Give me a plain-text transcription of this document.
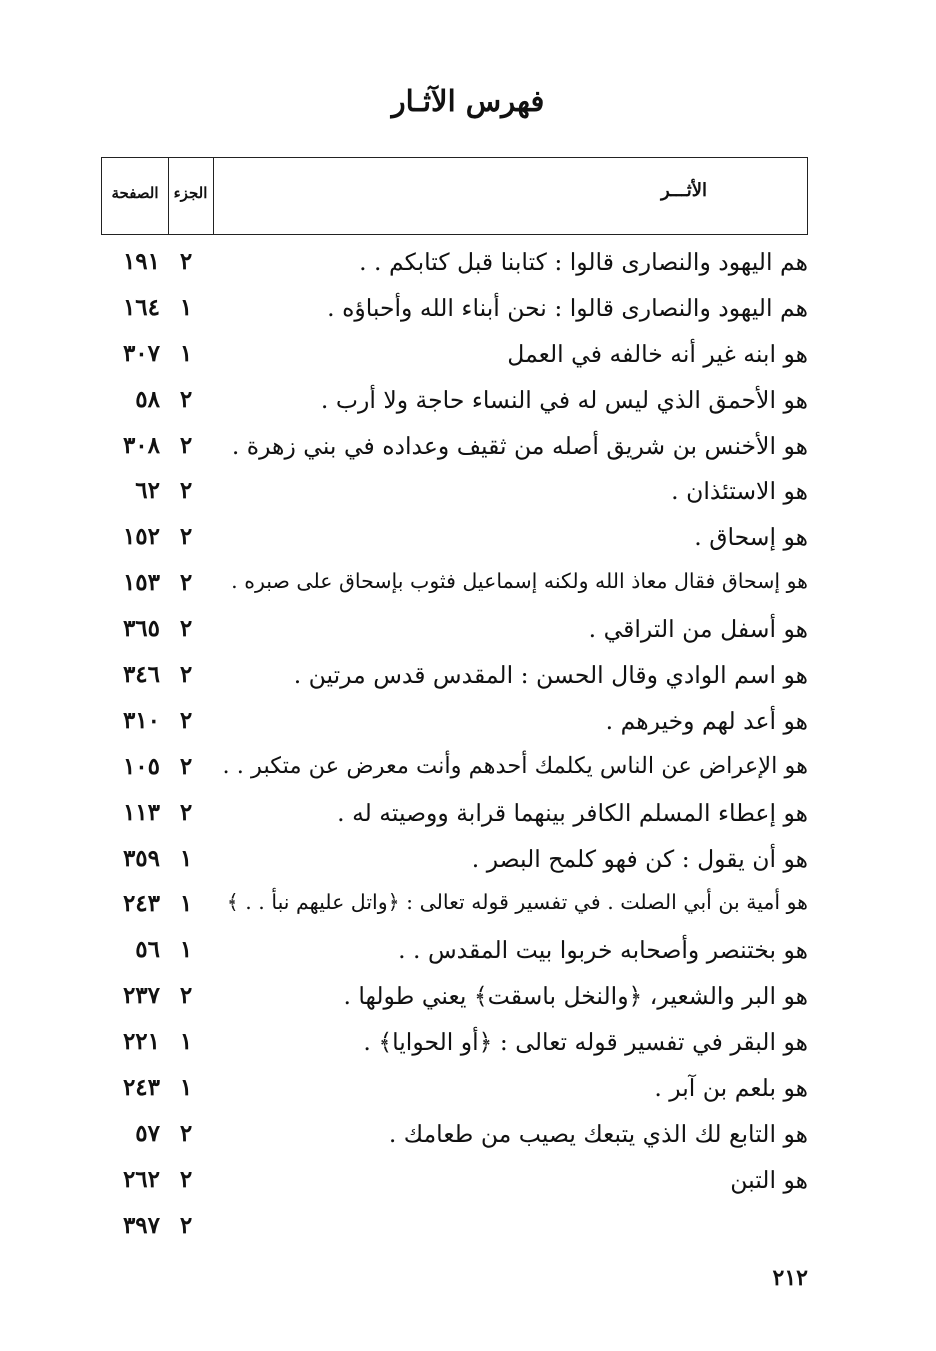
فهرس الآثـار
الصفحة	الجزء	الأثـــر
هم اليهود والنصارى قالوا : كتابنا قبل كتابكم . .
٢
١٩١
هم اليهود والنصارى قالوا : نحن أبناء الله وأحباؤه .
١
١٦٤
هو ابنه غير أنه خالفه في العمل
١
٣٠٧
هو الأحمق الذي ليس له في النساء حاجة ولا أرب .
٢
٥٨
هو الأخنس بن شريق أصله من ثقيف وعداده في بني زهرة .
٢
٣٠٨
هو الاستئذان .
٢
٦٢
هو إسحاق .
٢
١٥٢
هو إسحاق فقال معاذ الله ولكنه إسماعيل فثوب بإسحاق على صبره .
٢
١٥٣
هو أسفل من التراقي .
٢
٣٦٥
هو اسم الوادي وقال الحسن : المقدس قدس مرتين .
٢
٣٤٦
هو أعد لهم وخيرهم .
٢
٣١٠
هو الإعراض عن الناس يكلمك أحدهم وأنت معرض عن متكبر . .
٢
١٠٥
هو إعطاء المسلم الكافر بينهما قرابة ووصيته له .
٢
١١٣
هو أن يقول : كن فهو كلمح البصر .
١
٣٥٩
هو أمية بن أبي الصلت . في تفسير قوله تعالى : ﴿واتل عليهم نبأ . . ﴾
١
٢٤٣
هو بختنصر وأصحابه خربوا بيت المقدس . .
١
٥٦
هو البر والشعير، ﴿والنخل باسقت﴾ يعني طولها .
٢
٢٣٧
هو البقر في تفسير قوله تعالى : ﴿أو الحوايا﴾ .
١
٢٢١
هو بلعم بن آبر .
١
٢٤٣
هو التابع لك الذي يتبعك يصيب من طعامك .
٢
٥٧
هو التبن
٢
٢٦٢
٢
٣٩٧
٢١٢
